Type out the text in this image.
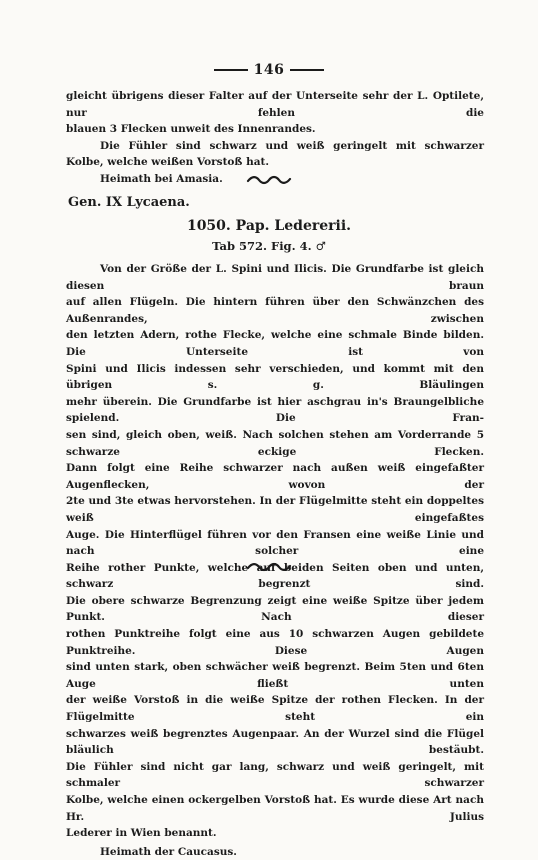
146
gleicht übrigens dieser Falter auf der Unterseite sehr der L. Optilete, nur fehlen die
blauen 3 Flecken unweit des Innenrandes.
Die Fühler sind schwarz und weiß geringelt mit schwarzer Kolbe, welche weißen Vorstoß hat.
Heimath bei Amasia.
Gen. IX Lycaena.
1050. Pap. Ledererii.
Tab 572. Fig. 4. ♂
Von der Größe der L. Spini und Ilicis. Die Grundfarbe ist gleich diesen braun
auf allen Flügeln. Die hintern führen über den Schwänzchen des Außenrandes, zwischen
den letzten Adern, rothe Flecke, welche eine schmale Binde bilden. Die Unterseite ist von
Spini und Ilicis indessen sehr verschieden, und kommt mit den übrigen s. g. Bläulingen
mehr überein. Die Grundfarbe ist hier aschgrau in's Braungelbliche spielend. Die Fran-
sen sind, gleich oben, weiß. Nach solchen stehen am Vorderrande 5 schwarze eckige Flecken.
Dann folgt eine Reihe schwarzer nach außen weiß eingefaßter Augenflecken, wovon der
2te und 3te etwas hervorstehen. In der Flügelmitte steht ein doppeltes weiß eingefaßtes
Auge. Die Hinterflügel führen vor den Fransen eine weiße Linie und nach solcher eine
Reihe rother Punkte, welche auf beiden Seiten oben und unten, schwarz begrenzt sind.
Die obere schwarze Begrenzung zeigt eine weiße Spitze über jedem Punkt. Nach dieser
rothen Punktreihe folgt eine aus 10 schwarzen Augen gebildete Punktreihe. Diese Augen
sind unten stark, oben schwächer weiß begrenzt. Beim 5ten und 6ten Auge fließt unten
der weiße Vorstoß in die weiße Spitze der rothen Flecken. In der Flügelmitte steht ein
schwarzes weiß begrenztes Augenpaar. An der Wurzel sind die Flügel bläulich bestäubt.
Die Fühler sind nicht gar lang, schwarz und weiß geringelt, mit schmaler schwarzer
Kolbe, welche einen ockergelben Vorstoß hat. Es wurde diese Art nach Hr. Julius
Lederer in Wien benannt.
Heimath der Caucasus.
